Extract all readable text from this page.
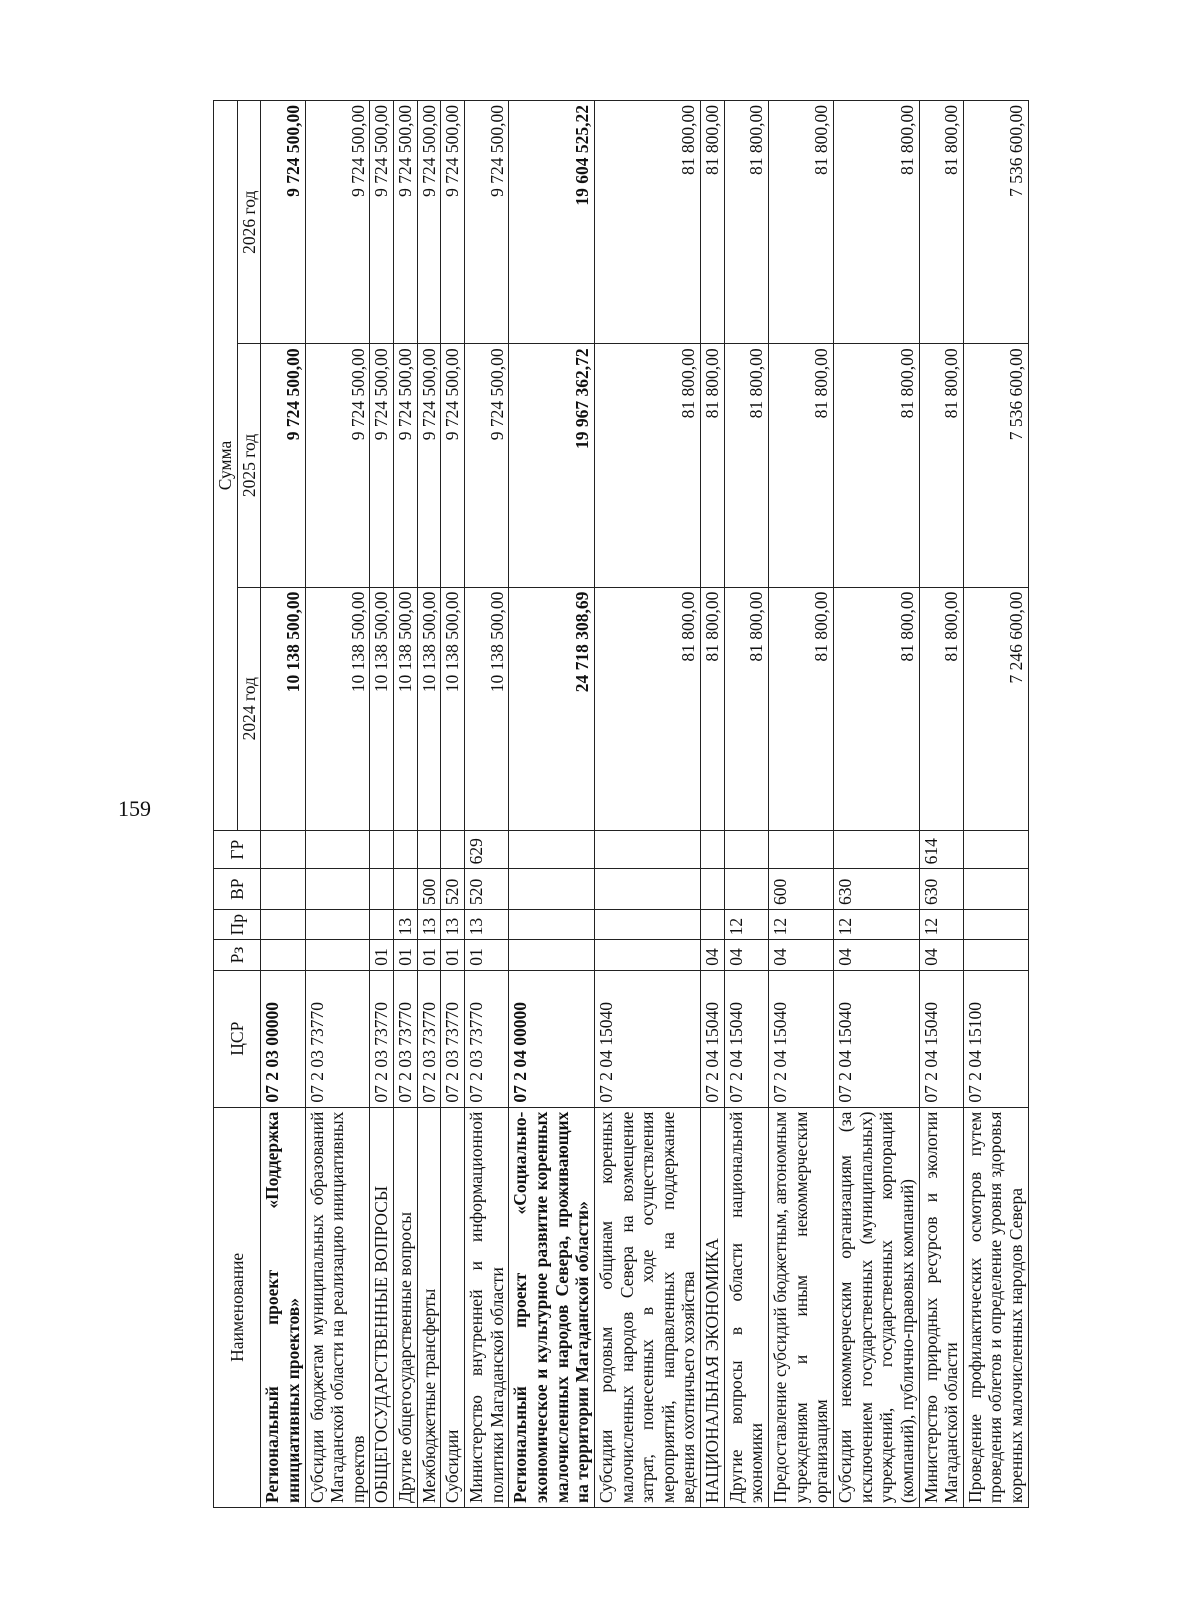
159
Наименование	ЦСР	Рз	Пр	ВР	ГР	Сумма		
						2024 год	2025 год	2026 год
Региональный проект «Поддержка инициативных проектов»	07 2 03 00000					10 138 500,00	9 724 500,00	9 724 500,00
Субсидии бюджетам муниципальных образований Магаданской области на реализацию инициативных проектов	07 2 03 73770					10 138 500,00	9 724 500,00	9 724 500,00
ОБЩЕГОСУДАРСТВЕННЫЕ ВОПРОСЫ	07 2 03 73770	01				10 138 500,00	9 724 500,00	9 724 500,00
Другие общегосударственные вопросы	07 2 03 73770	01	13			10 138 500,00	9 724 500,00	9 724 500,00
Межбюджетные трансферты	07 2 03 73770	01	13	500		10 138 500,00	9 724 500,00	9 724 500,00
Субсидии	07 2 03 73770	01	13	520		10 138 500,00	9 724 500,00	9 724 500,00
Министерство внутренней и информационной политики Магаданской области	07 2 03 73770	01	13	520	629	10 138 500,00	9 724 500,00	9 724 500,00
Региональный проект «Социально-экономическое и культурное развитие коренных малочисленных народов Севера, проживающих на территории Магаданской области»	07 2 04 00000					24 718 308,69	19 967 362,72	19 604 525,22
Субсидии родовым общинам коренных малочисленных народов Севера на возмещение затрат, понесенных в ходе осуществления мероприятий, направленных на поддержание ведения охотничьего хозяйства	07 2 04 15040					81 800,00	81 800,00	81 800,00
НАЦИОНАЛЬНАЯ ЭКОНОМИКА	07 2 04 15040	04				81 800,00	81 800,00	81 800,00
Другие вопросы в области национальной экономики	07 2 04 15040	04	12			81 800,00	81 800,00	81 800,00
Предоставление субсидий бюджетным, автономным учреждениям и иным некоммерческим организациям	07 2 04 15040	04	12	600		81 800,00	81 800,00	81 800,00
Субсидии некоммерческим организациям (за исключением государственных (муниципальных) учреждений, государственных корпораций (компаний), публично-правовых компаний)	07 2 04 15040	04	12	630		81 800,00	81 800,00	81 800,00
Министерство природных ресурсов и экологии Магаданской области	07 2 04 15040	04	12	630	614	81 800,00	81 800,00	81 800,00
Проведение профилактических осмотров путем проведения облетов и определение уровня здоровья коренных малочисленных народов Севера	07 2 04 15100					7 246 600,00	7 536 600,00	7 536 600,00
